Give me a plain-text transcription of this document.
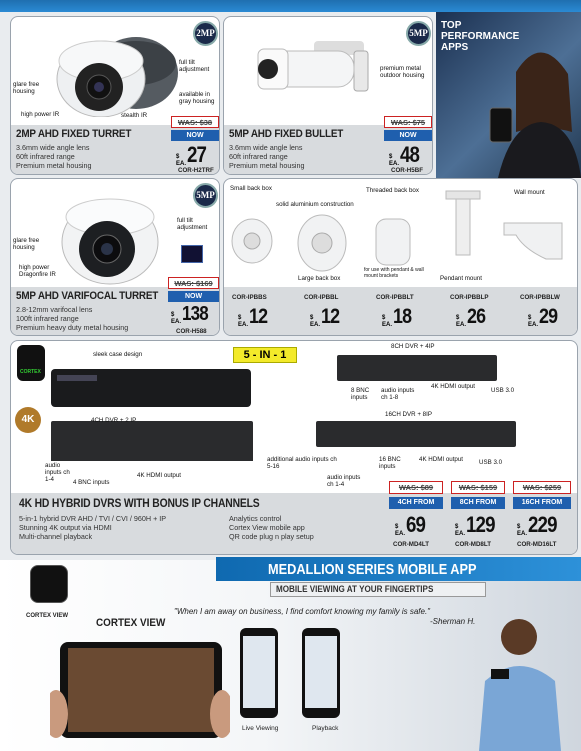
2MP
full tilt adjustment
glare free housing	available in gray housing
high power IR	stealth IR
2MP AHD FIXED TURRET
3.6mm wide angle lens
60ft infrared range
Premium metal housing
WAS: $38
NOW
$
EA. 27
COR-H2TRF
5MP
premium metal outdoor housing
5MP AHD FIXED BULLET
3.6mm wide angle lens
60ft infrared range
Premium metal housing
WAS: $75
NOW
$
EA. 48
COR-H5BF
TOP
PERFORMANCE
APPS
5MP
full tilt adjustment
glare free housing
high power Dragonfire IR
5MP AHD VARIFOCAL TURRET
2.8-12mm varifocal lens
100ft infrared range
Premium heavy duty metal housing
WAS: $169
NOW
$
EA. 138
COR-H588
Small back box
solid aluminium construction
Threaded back box	Wall mount
Large back box
for use with pendant & wall mount brackets	Pendant mount
COR-IPBBS
$
EA. 12
COR-IPBBL
$
EA. 12
COR-IPBBLT
$
EA. 18
COR-IPBBLP
$
EA. 26
COR-IPBBLW
$
EA. 29
CORTEX
sleek case design	5 - IN - 1
4K	4CH DVR + 2 IP
audio inputs ch 1-4	4 BNC inputs
4K HDMI output
8CH DVR + 4IP
8 BNC inputs
audio inputs ch 1-8
4K HDMI output
USB 3.0
16CH DVR + 8IP
additional audio inputs ch 5-16
16 BNC inputs
4K HDMI output	USB 3.0
audio inputs ch 1-4
4K HD HYBRID DVRS WITH BONUS IP CHANNELS
5-in-1 hybrid DVR AHD / TVI / CVI / 960H + IP
Stunning 4K output via HDMI
Multi-channel playback
Analytics control
Cortex View mobile app
QR code plug n play setup
WAS: $89
4CH FROM
$
EA. 69
COR-MD4LT
WAS: $159
8CH FROM
$
EA. 129
COR-MD8LT
WAS: $259
16CH FROM
$
EA. 229
COR-MD16LT
MEDALLION SERIES MOBILE APP
MOBILE VIEWING AT YOUR FINGERTIPS
CORTEX VIEW	"When I am away on business, I find comfort knowing my family is safe."
-Sherman H.
CORTEX VIEW
Live Viewing	Playback
